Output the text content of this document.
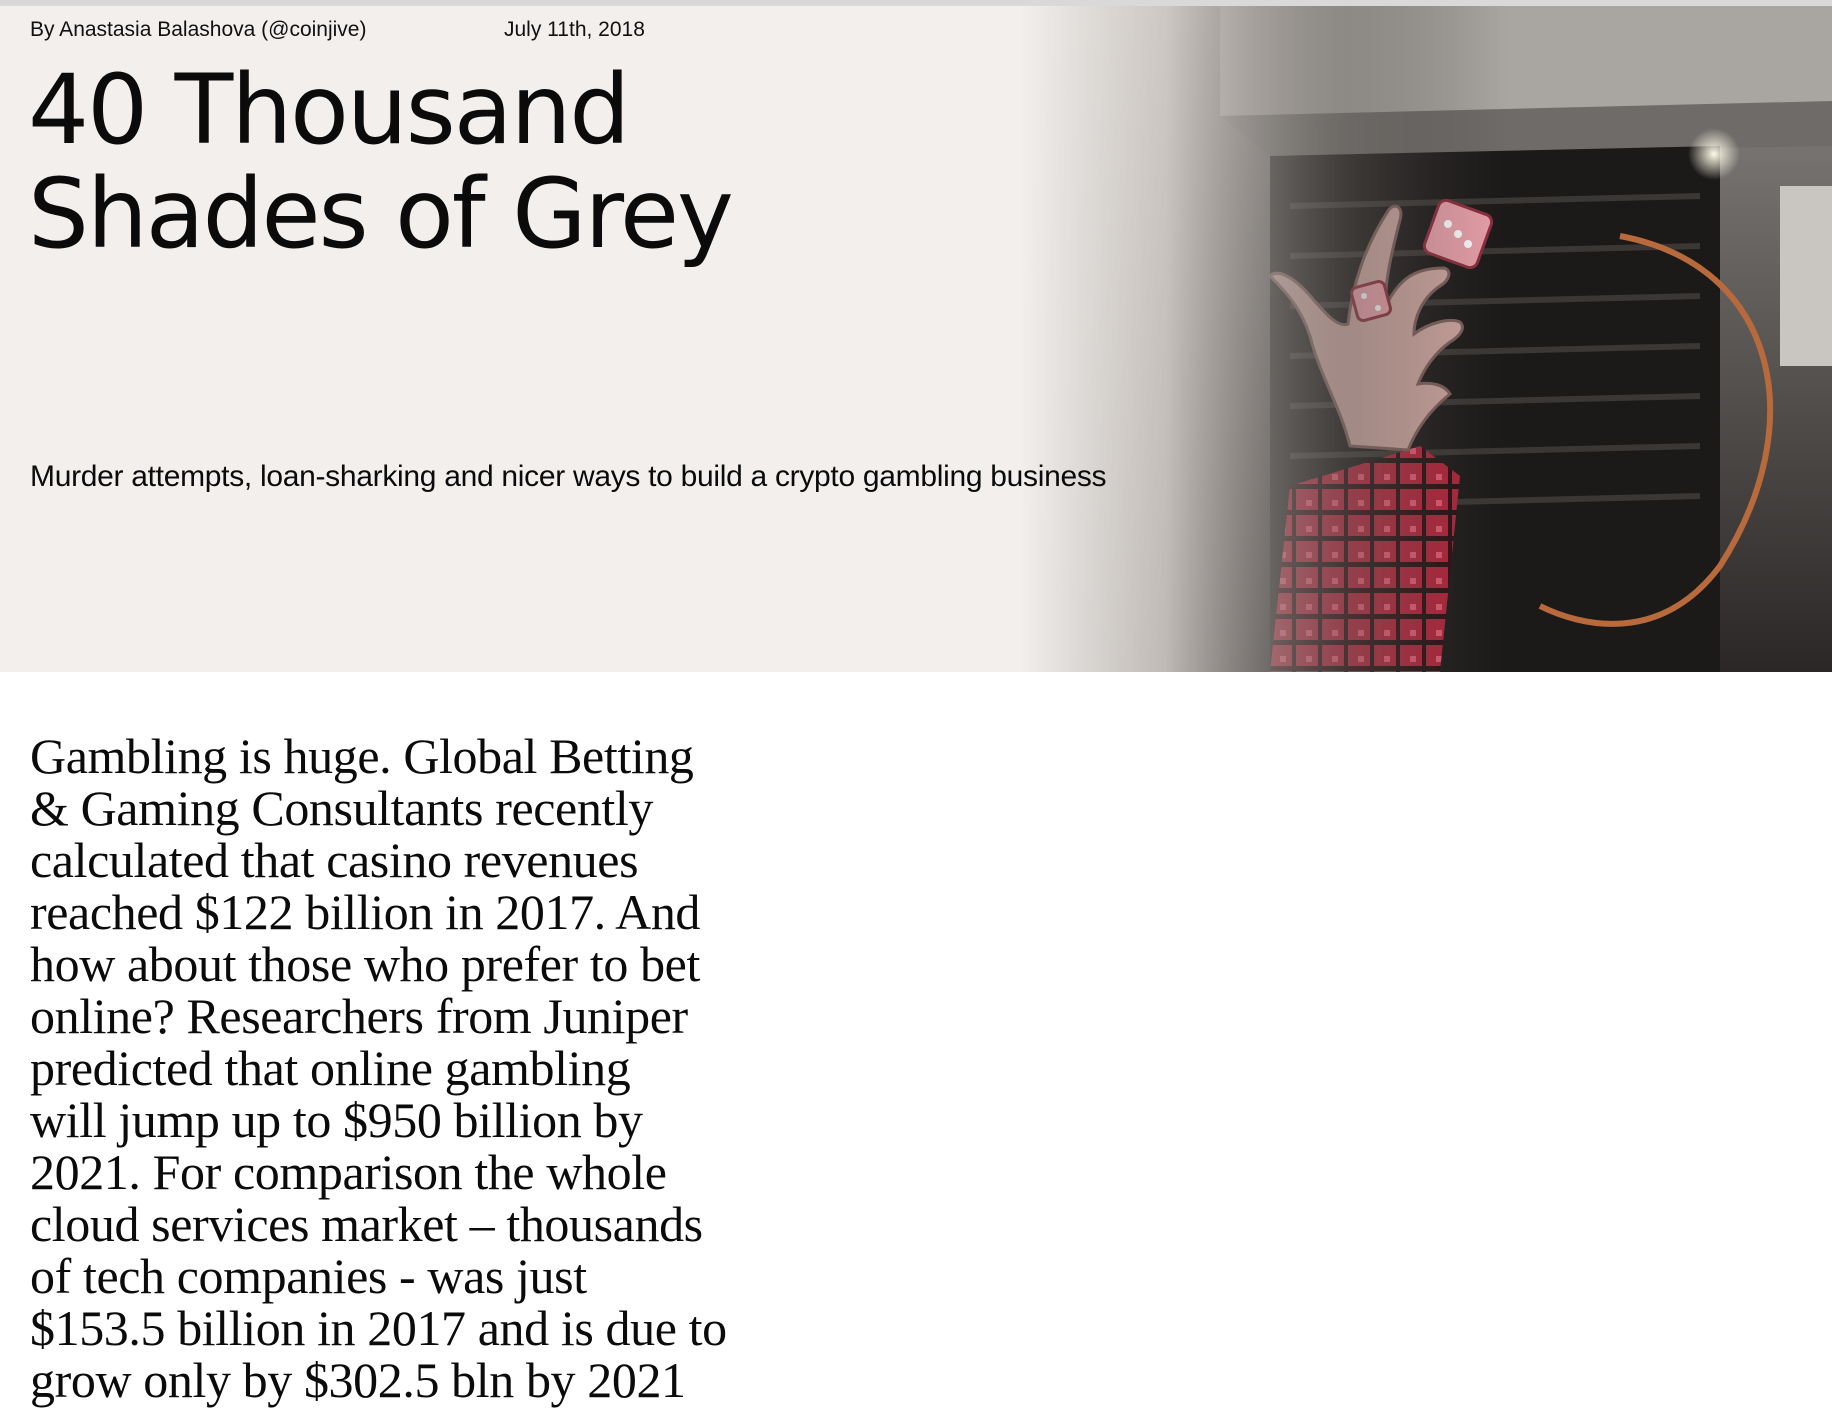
By Anastasia Balashova (@coinjive)	July 11th, 2018
40 Thousand
Shades of Grey
Murder attempts, loan-sharking and nicer ways to build a crypto gambling business

Gambling is huge. Global Betting
& Gaming Consultants recently
calculated that casino revenues
reached $122 billion in 2017. And
how about those who prefer to bet
online? Researchers from Juniper
predicted that online gambling
will jump up to $950 billion by
2021. For comparison the whole
cloud services market – thousands
of tech companies - was just
$153.5 billion in 2017 and is due to
grow only by $302.5 bln by 2021
